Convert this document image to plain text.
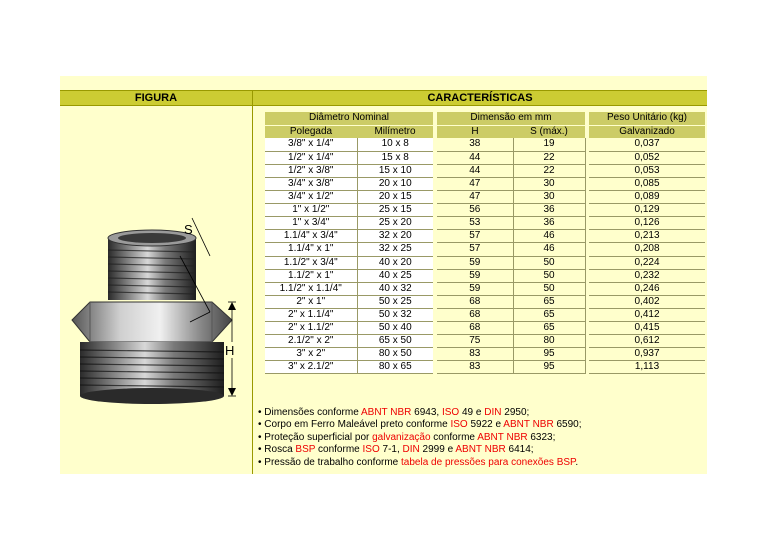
FIGURA	CARACTERÍSTICAS
S
H
Diâmetro Nominal			Dimensão em mm			Peso Unitário (kg)
Polegada	Milímetro		H	S (máx.)		Galvanizado
3/8" x 1/4"	10 x 8		38	19		0,037
1/2" x 1/4"	15 x 8		44	22		0,052
1/2" x 3/8"	15 x 10		44	22		0,053
3/4" x 3/8"	20 x 10		47	30		0,085
3/4" x 1/2"	20 x 15		47	30		0,089
1" x 1/2"	25 x 15		56	36		0,129
1" x 3/4"	25 x 20		53	36		0,126
1.1/4" x 3/4"	32 x 20		57	46		0,213
1.1/4" x 1"	32 x 25		57	46		0,208
1.1/2" x 3/4"	40 x 20		59	50		0,224
1.1/2" x 1"	40 x 25		59	50		0,232
1.1/2" x 1.1/4"	40 x 32		59	50		0,246
2" x 1"	50 x 25		68	65		0,402
2" x 1.1/4"	50 x 32		68	65		0,412
2" x 1.1/2"	50 x 40		68	65		0,415
2.1/2" x 2"	65 x 50		75	80		0,612
3" x 2"	80 x 50		83	95		0,937
3" x 2.1/2"	80 x 65		83	95		1,113
• Dimensões conforme ABNT NBR 6943, ISO 49 e DIN 2950;
• Corpo em Ferro Maleável preto conforme ISO 5922 e ABNT NBR 6590;
• Proteção superficial por galvanização conforme ABNT NBR 6323;
• Rosca BSP conforme ISO 7-1, DIN 2999 e ABNT NBR 6414;
• Pressão de trabalho conforme tabela de pressões para conexões BSP.
